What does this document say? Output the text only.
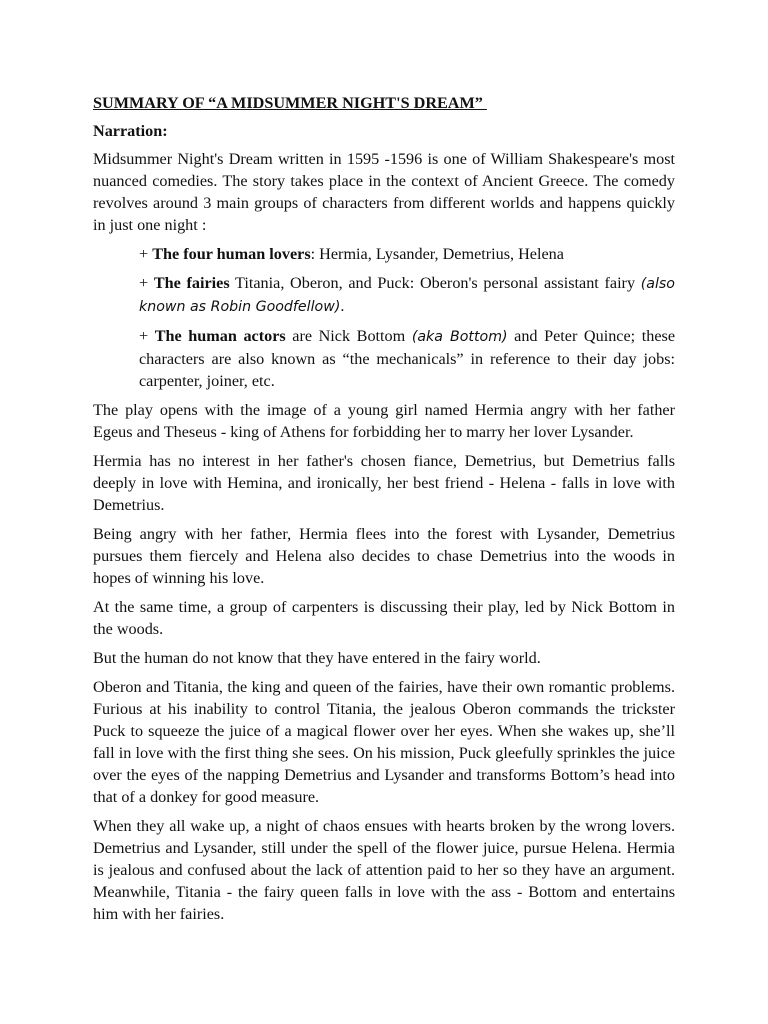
SUMMARY OF “A MIDSUMMER NIGHT'S DREAM”
Narration:

Midsummer Night's Dream written in 1595 -1596 is one of William Shakespeare's most nuanced comedies. The story takes place in the context of Ancient Greece. The comedy revolves around 3 main groups of characters from different worlds and happens quickly in just one night :

+ The four human lovers: Hermia, Lysander, Demetrius, Helena
+ The fairies Titania, Oberon, and Puck: Oberon's personal assistant fairy (also known as Robin Goodfellow).
+ The human actors are Nick Bottom (aka Bottom) and Peter Quince; these characters are also known as “the mechanicals” in reference to their day jobs: carpenter, joiner, etc.

The play opens with the image of a young girl named Hermia angry with her father Egeus and Theseus - king of Athens for forbidding her to marry her lover Lysander.

Hermia has no interest in her father's chosen fiance, Demetrius, but Demetrius falls deeply in love with Hemina, and ironically, her best friend - Helena - falls in love with Demetrius.

Being angry with her father, Hermia flees into the forest with Lysander, Demetrius pursues them fiercely and Helena also decides to chase Demetrius into the woods in hopes of winning his love.

At the same time, a group of carpenters is discussing their play, led by Nick Bottom in the woods.

But the human do not know that they have entered in the fairy world.

Oberon and Titania, the king and queen of the fairies, have their own romantic problems. Furious at his inability to control Titania, the jealous Oberon commands the trickster Puck to squeeze the juice of a magical flower over her eyes. When she wakes up, she’ll fall in love with the first thing she sees. On his mission, Puck gleefully sprinkles the juice over the eyes of the napping Demetrius and Lysander and transforms Bottom’s head into that of a donkey for good measure.

When they all wake up, a night of chaos ensues with hearts broken by the wrong lovers. Demetrius and Lysander, still under the spell of the flower juice, pursue Helena. Hermia is jealous and confused about the lack of attention paid to her so they have an argument. Meanwhile, Titania - the fairy queen falls in love with the ass - Bottom and entertains him with her fairies.
